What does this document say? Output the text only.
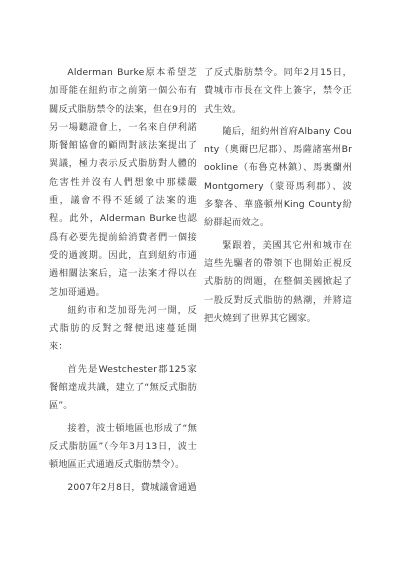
Alderman Burke原本希望芝加哥能在紐約市之前第一個公布有關反式脂肪禁令的法案，但在9月的另一場聽證會上，一名來自伊利諾斯餐館協會的顧問對該法案提出了異議，極力表示反式脂肪對人體的危害性并沒有人們想象中那樣嚴重，議會不得不延緩了法案的進程。此外，Alderman Burke也認爲有必要先提前給消費者們一個接受的過渡期。因此，直到紐約市通過相關法案后，這一法案才得以在芝加哥通過。

紐約市和芝加哥先河一開，反式脂肪的反對之聲便迅速蔓延開來：

首先是Westchester郡125家餐館達成共識，建立了“無反式脂肪區”。

接着，波士頓地區也形成了“無反式脂肪區”（今年3月13日，波士頓地區正式通過反式脂肪禁令）。

2007年2月8日，費城議會通過

了反式脂肪禁令。同年2月15日，費城市市長在文件上簽字，禁令正式生效。

隨后，紐約州首府Albany County（奧爾巴尼郡）、馬薩諸塞州Brookline（布魯克林鎮）、馬裏蘭州Montgomery（蒙哥馬利郡）、波多黎各、華盛頓州King County紛紛群起而效之。

緊跟着，美國其它州和城市在這些先驅者的帶領下也開始正視反式脂肪的問題，在整個美國掀起了一股反對反式脂肪的熱潮，并將這把火燒到了世界其它國家。
